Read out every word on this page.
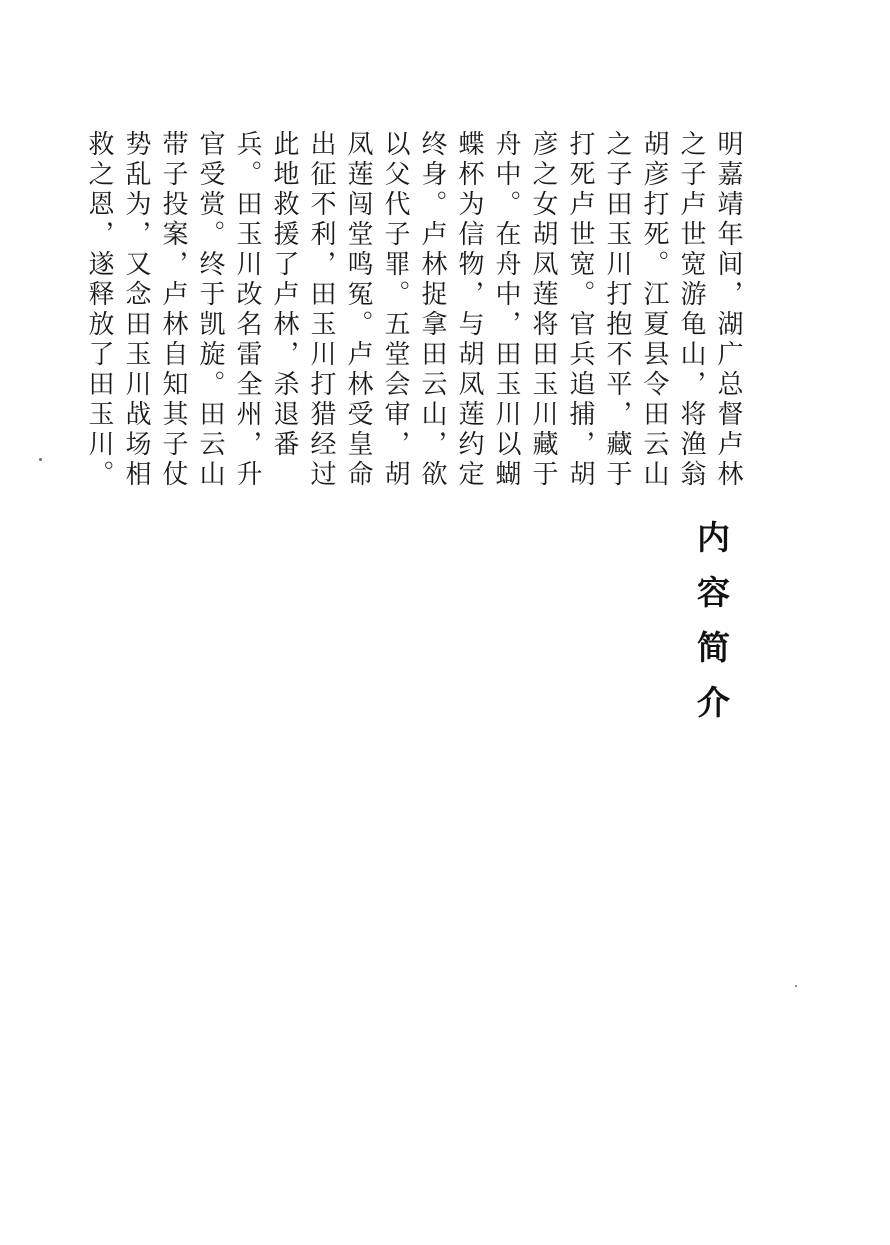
内容简介

明嘉靖年间，湖广总督卢林之子卢世宽游龟山，将渔翁胡彦打死。江夏县令田云山之子田玉川打抱不平，藏于打死卢世宽。官兵追捕，胡彦之女胡凤莲将田玉川藏于舟中。在舟中，田玉川以蝴蝶杯为信物，与胡凤莲约定终身。卢林捉拿田云山，欲以父代子罪。五堂会审，胡凤莲闯堂鸣冤。卢林受皇命出征不利，田玉川打猎经过此地救援了卢林，杀退番兵。田玉川改名雷全州，升官受赏。终于凯旋。田云山带子投案，卢林自知其子仗势乱为，又念田玉川战场相救之恩，遂释放了田玉川。
